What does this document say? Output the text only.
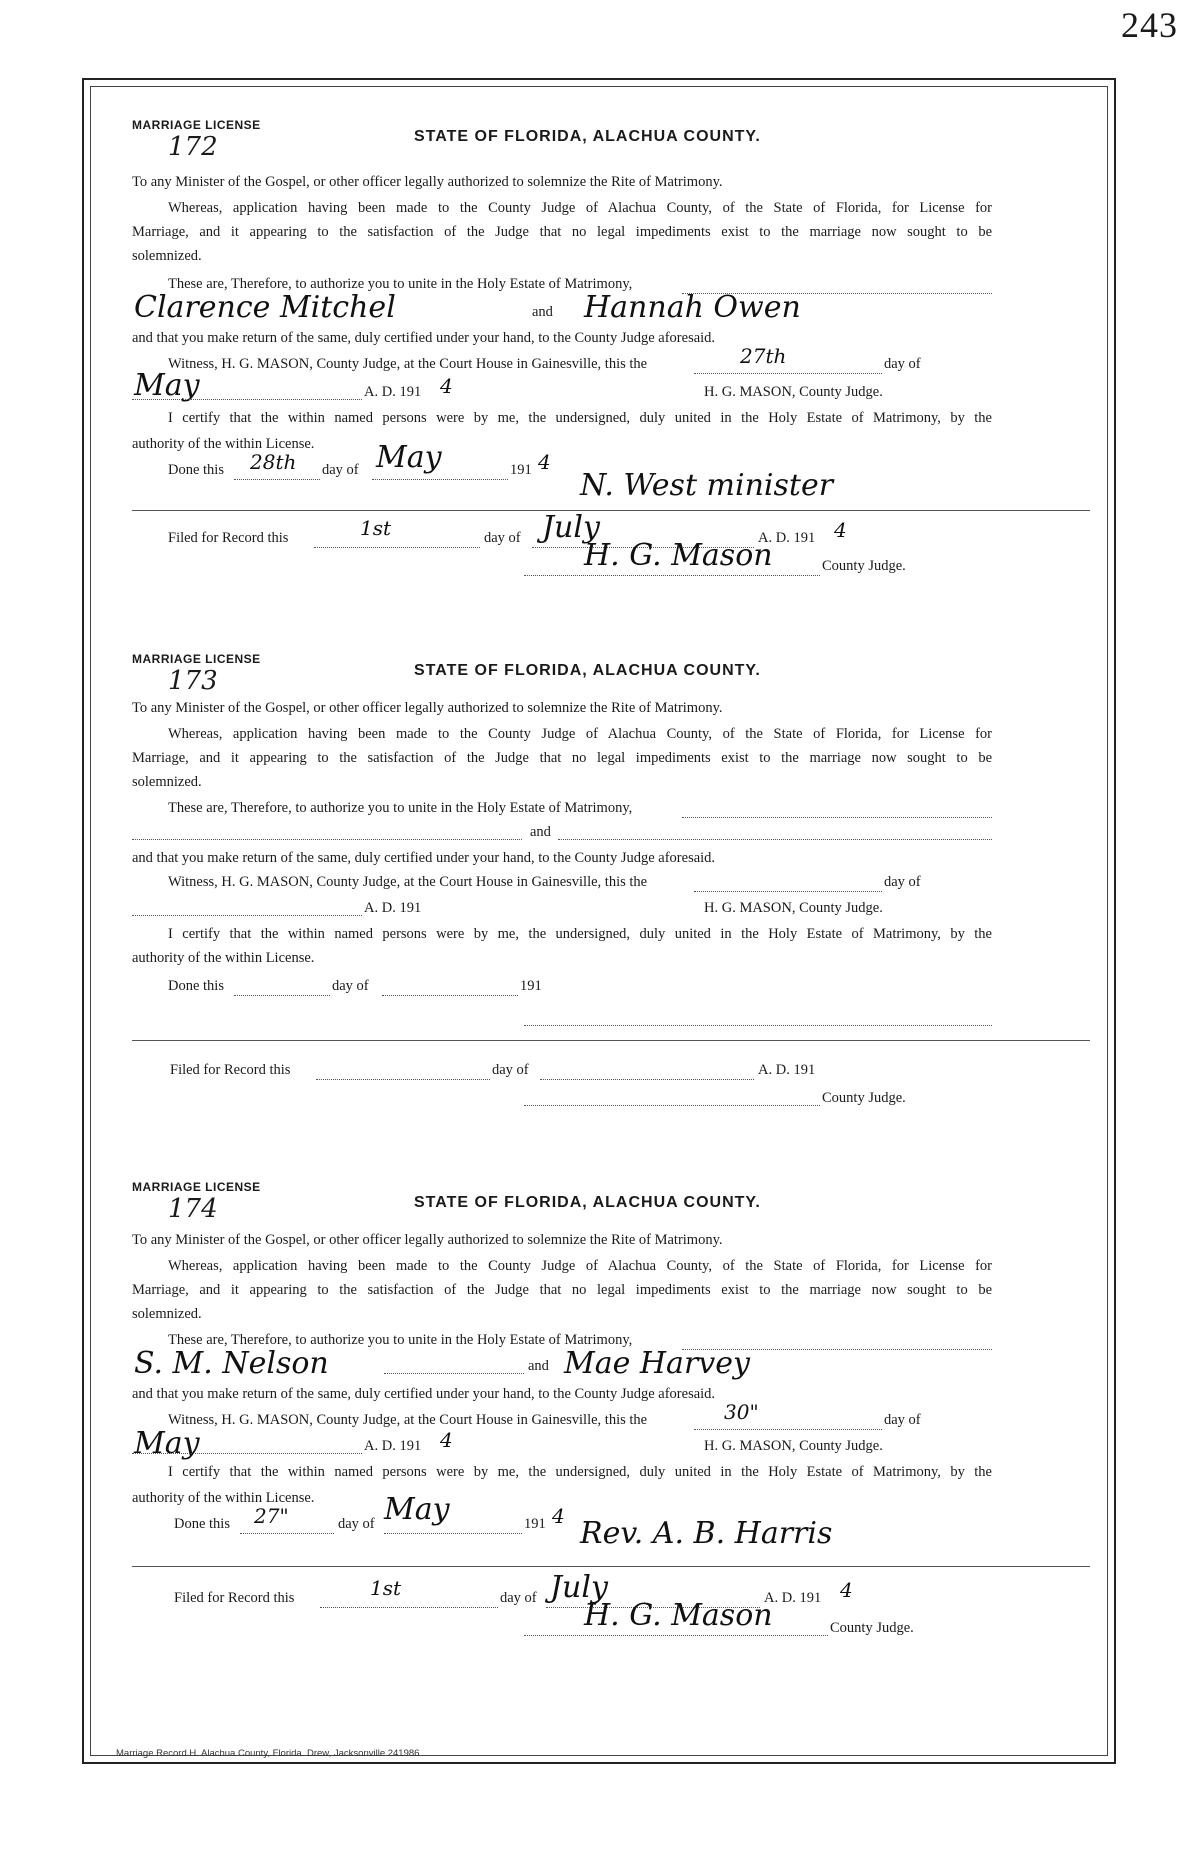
243
MARRIAGE LICENSE
172	STATE OF FLORIDA, ALACHUA COUNTY.
To any Minister of the Gospel, or other officer legally authorized to solemnize the Rite of Matrimony.
Whereas, application having been made to the County Judge of Alachua County, of the State of Florida, for License for
Marriage, and it appearing to the satisfaction of the Judge that no legal impediments exist to the marriage now sought to be
solemnized.
These are, Therefore, to authorize you to unite in the Holy Estate of Matrimony,
Clarence Mitchel	and Hannah Owen
and that you make return of the same, duly certified under your hand, to the County Judge aforesaid.
Witness, H. G. MASON, County Judge, at the Court House in Gainesville, this the	27th	day of
May	A. D. 191 4	H. G. MASON, County Judge.
I certify that the within named persons were by me, the undersigned, duly united in the Holy Estate of Matrimony, by the
authority of the within License.
Done this 28th day of May	191 4
N. West minister
Filed for Record this	1st	day of July	A. D. 191 4
H. G. Mason	County Judge.
MARRIAGE LICENSE
173	STATE OF FLORIDA, ALACHUA COUNTY.
To any Minister of the Gospel, or other officer legally authorized to solemnize the Rite of Matrimony.
Whereas, application having been made to the County Judge of Alachua County, of the State of Florida, for License for
Marriage, and it appearing to the satisfaction of the Judge that no legal impediments exist to the marriage now sought to be
solemnized.
These are, Therefore, to authorize you to unite in the Holy Estate of Matrimony,
and
and that you make return of the same, duly certified under your hand, to the County Judge aforesaid.
Witness, H. G. MASON, County Judge, at the Court House in Gainesville, this the	day of
A. D. 191	H. G. MASON, County Judge.
I certify that the within named persons were by me, the undersigned, duly united in the Holy Estate of Matrimony, by the
authority of the within License.
Done this	day of	191
Filed for Record this	day of	A. D. 191
County Judge.
MARRIAGE LICENSE
174	STATE OF FLORIDA, ALACHUA COUNTY.
To any Minister of the Gospel, or other officer legally authorized to solemnize the Rite of Matrimony.
Whereas, application having been made to the County Judge of Alachua County, of the State of Florida, for License for
Marriage, and it appearing to the satisfaction of the Judge that no legal impediments exist to the marriage now sought to be
solemnized.
These are, Therefore, to authorize you to unite in the Holy Estate of Matrimony,
S. M. Nelson	and Mae Harvey
and that you make return of the same, duly certified under your hand, to the County Judge aforesaid.
Witness, H. G. MASON, County Judge, at the Court House in Gainesville, this the	30"	day of
May	A. D. 191 4	H. G. MASON, County Judge.
I certify that the within named persons were by me, the undersigned, duly united in the Holy Estate of Matrimony, by the
authority of the within License.
Done this 27"	day of May	191 4 Rev. A. B. Harris
Filed for Record this	1st	day of July	A. D. 191 4
H. G. Mason	County Judge.
Marriage Record H. Alachua County, Florida. Drew, Jacksonville 241986
